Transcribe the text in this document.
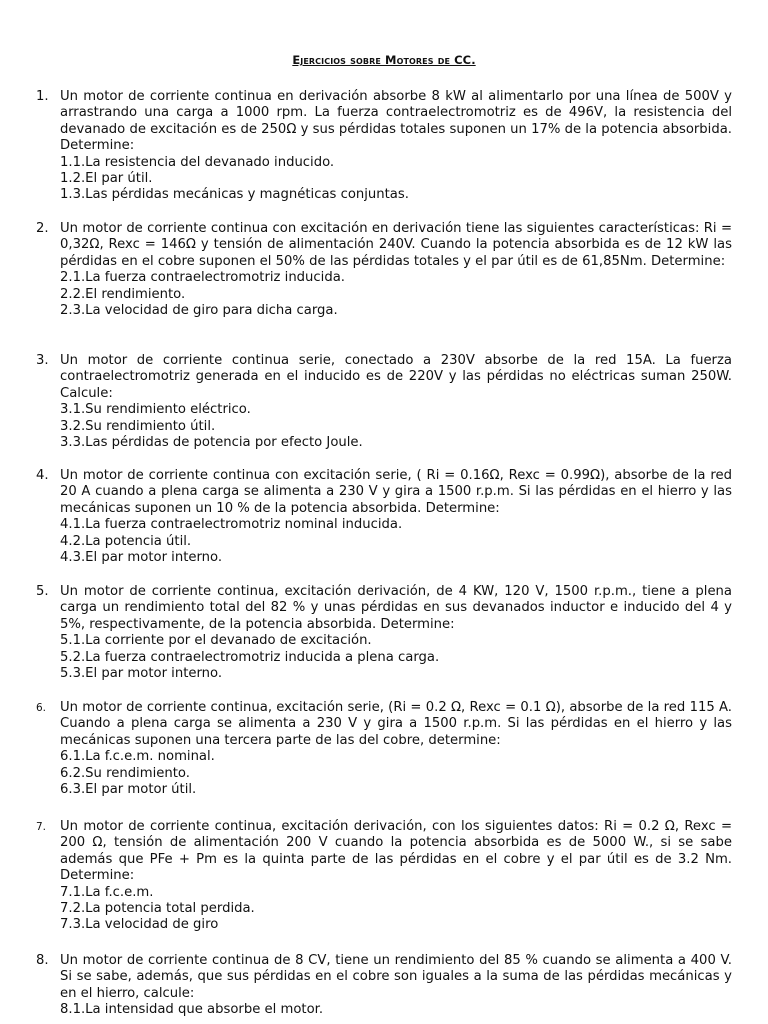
Ejercicios sobre Motores de CC.
1. Un motor de corriente continua en derivación absorbe 8 kW al alimentarlo por una línea de 500V y arrastrando una carga a 1000 rpm. La fuerza contraelectromotriz es de 496V, la resistencia del devanado de excitación es de 250Ω y sus pérdidas totales suponen un 17% de la potencia absorbida. Determine:
1.1.La resistencia del devanado inducido.
1.2.El par útil.
1.3.Las pérdidas mecánicas y magnéticas conjuntas.
2. Un motor de corriente continua con excitación en derivación tiene las siguientes características: Ri = 0,32Ω, Rexc = 146Ω y tensión de alimentación 240V. Cuando la potencia absorbida es de 12 kW las pérdidas en el cobre suponen el 50% de las pérdidas totales y el par útil es de 61,85Nm. Determine:
2.1.La fuerza contraelectromotriz inducida.
2.2.El rendimiento.
2.3.La velocidad de giro para dicha carga.
3. Un motor de corriente continua serie, conectado a 230V absorbe de la red 15A. La fuerza contraelectromotriz generada en el inducido es de 220V y las pérdidas no eléctricas suman 250W. Calcule:
3.1.Su rendimiento eléctrico.
3.2.Su rendimiento útil.
3.3.Las pérdidas de potencia por efecto Joule.
4. Un motor de corriente continua con excitación serie, ( Ri = 0.16Ω, Rexc = 0.99Ω), absorbe de la red 20 A cuando a plena carga se alimenta a 230 V y gira a 1500 r.p.m. Si las pérdidas en el hierro y las mecánicas suponen un 10 % de la potencia absorbida. Determine:
4.1.La fuerza contraelectromotriz nominal inducida.
4.2.La potencia útil.
4.3.El par motor interno.
5. Un motor de corriente continua, excitación derivación, de 4 KW, 120 V, 1500 r.p.m., tiene a plena carga un rendimiento total del 82 % y unas pérdidas en sus devanados inductor e inducido del 4 y 5%, respectivamente, de la potencia absorbida. Determine:
5.1.La corriente por el devanado de excitación.
5.2.La fuerza contraelectromotriz inducida a plena carga.
5.3.El par motor interno.
6. Un motor de corriente continua, excitación serie, (Ri = 0.2 Ω, Rexc = 0.1 Ω), absorbe de la red 115 A. Cuando a plena carga se alimenta a 230 V y gira a 1500 r.p.m. Si las pérdidas en el hierro y las mecánicas suponen una tercera parte de las del cobre, determine:
6.1.La f.c.e.m. nominal.
6.2.Su rendimiento.
6.3.El par motor útil.
7. Un motor de corriente continua, excitación derivación, con los siguientes datos: Ri = 0.2 Ω, Rexc = 200 Ω, tensión de alimentación 200 V cuando la potencia absorbida es de 5000 W., si se sabe además que PFe + Pm es la quinta parte de las pérdidas en el cobre y el par útil es de 3.2 Nm. Determine:
7.1.La f.c.e.m.
7.2.La potencia total perdida.
7.3.La velocidad de giro
8. Un motor de corriente continua de 8 CV, tiene un rendimiento del 85 % cuando se alimenta a 400 V. Si se sabe, además, que sus pérdidas en el cobre son iguales a la suma de las pérdidas mecánicas y en el hierro, calcule:
8.1.La intensidad que absorbe el motor.
